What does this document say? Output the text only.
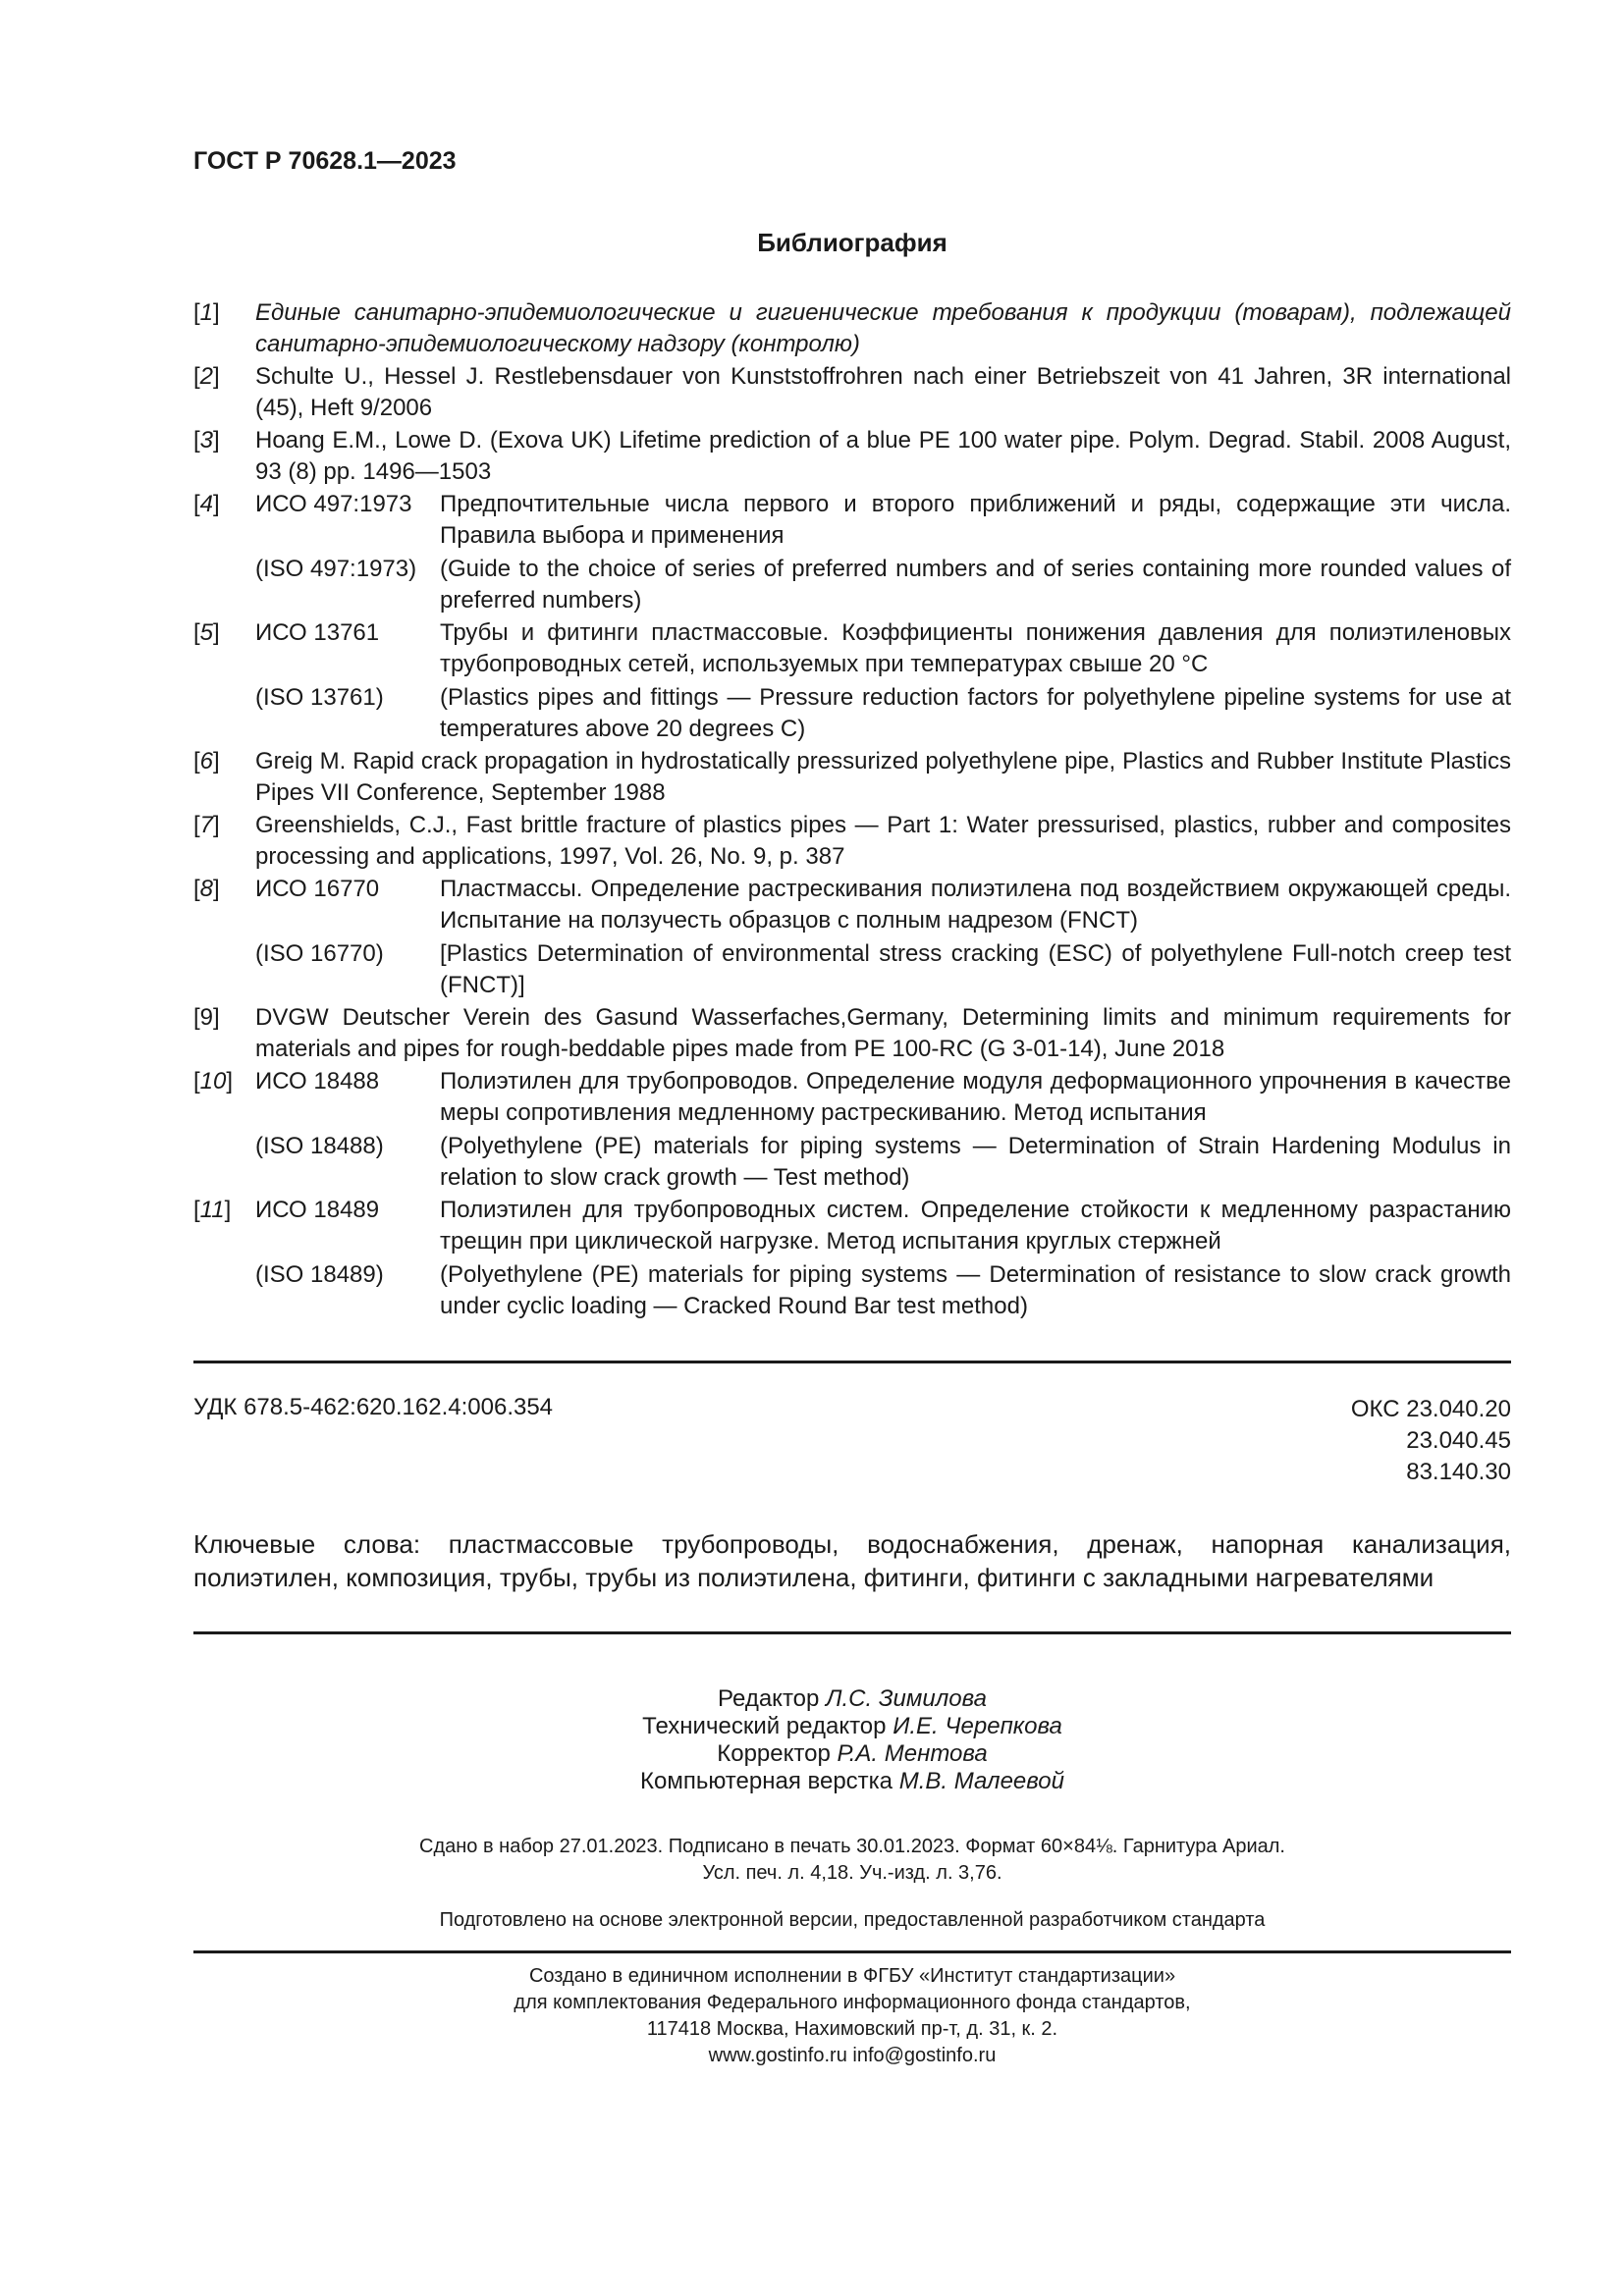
ГОСТ Р 70628.1—2023
Библиография
[1]	Единые санитарно-эпидемиологические и гигиенические требования к продукции (товарам), подлежащей санитарно-эпидемиологическому надзору (контролю)
[2]	Schulte U., Hessel J. Restlebensdauer von Kunststoffrohren nach einer Betriebszeit von 41 Jahren, 3R international (45), Heft 9/2006
[3]	Hoang E.M., Lowe D. (Exova UK) Lifetime prediction of a blue PE 100 water pipe. Polym. Degrad. Stabil. 2008 August, 93 (8) pp. 1496—1503
[4]	ИСО 497:1973	Предпочтительные числа первого и второго приближений и ряды, содержащие эти числа. Правила выбора и применения
(ISO 497:1973) (Guide to the choice of series of preferred numbers and of series containing more rounded values of preferred numbers)
[5]	ИСО 13761	Трубы и фитинги пластмассовые. Коэффициенты понижения давления для полиэтиленовых трубопроводных сетей, используемых при температурах свыше 20 °С
(ISO 13761)	(Plastics pipes and fittings — Pressure reduction factors for polyethylene pipeline systems for use at temperatures above 20 degrees C)
[6]	Greig M. Rapid crack propagation in hydrostatically pressurized polyethylene pipe, Plastics and Rubber Institute Plastics Pipes VII Conference, September 1988
[7]	Greenshields, C.J., Fast brittle fracture of plastics pipes — Part 1: Water pressurised, plastics, rubber and composites processing and applications, 1997, Vol. 26, No. 9, p. 387
[8]	ИСО 16770	Пластмассы. Определение растрескивания полиэтилена под воздействием окружающей среды. Испытание на ползучесть образцов с полным надрезом (FNCT)
(ISO 16770)	[Plastics Determination of environmental stress cracking (ESC) of polyethylene Full-notch creep test (FNCT)]
[9]	DVGW Deutscher Verein des Gasund Wasserfaches,Germany, Determining limits and minimum requirements for materials and pipes for rough-beddable pipes made from PE 100-RC (G 3-01-14), June 2018
[10] ИСО 18488	Полиэтилен для трубопроводов. Определение модуля деформационного упрочнения в качестве меры сопротивления медленному растрескиванию. Метод испытания
(ISO 18488)	(Polyethylene (PE) materials for piping systems — Determination of Strain Hardening Modulus in relation to slow crack growth — Test method)
[11]	ИСО 18489	Полиэтилен для трубопроводных систем. Определение стойкости к медленному разрастанию трещин при циклической нагрузке. Метод испытания круглых стержней
(ISO 18489)	(Polyethylene (PE) materials for piping systems — Determination of resistance to slow crack growth under cyclic loading — Cracked Round Bar test method)
УДК 678.5-462:620.162.4:006.354	ОКС 23.040.20
23.040.45
83.140.30
Ключевые слова: пластмассовые трубопроводы, водоснабжения, дренаж, напорная канализация, полиэтилен, композиция, трубы, трубы из полиэтилена, фитинги, фитинги с закладными нагревателями
Редактор Л.С. Зимилова
Технический редактор И.Е. Черепкова
Корректор Р.А. Ментова
Компьютерная верстка М.В. Малеевой
Сдано в набор 27.01.2023. Подписано в печать 30.01.2023. Формат 60×84⅛. Гарнитура Ариал.
Усл. печ. л. 4,18. Уч.-изд. л. 3,76.
Подготовлено на основе электронной версии, предоставленной разработчиком стандарта
Создано в единичном исполнении в ФГБУ «Институт стандартизации»
для комплектования Федерального информационного фонда стандартов,
117418 Москва, Нахимовский пр-т, д. 31, к. 2.
www.gostinfo.ru info@gostinfo.ru
